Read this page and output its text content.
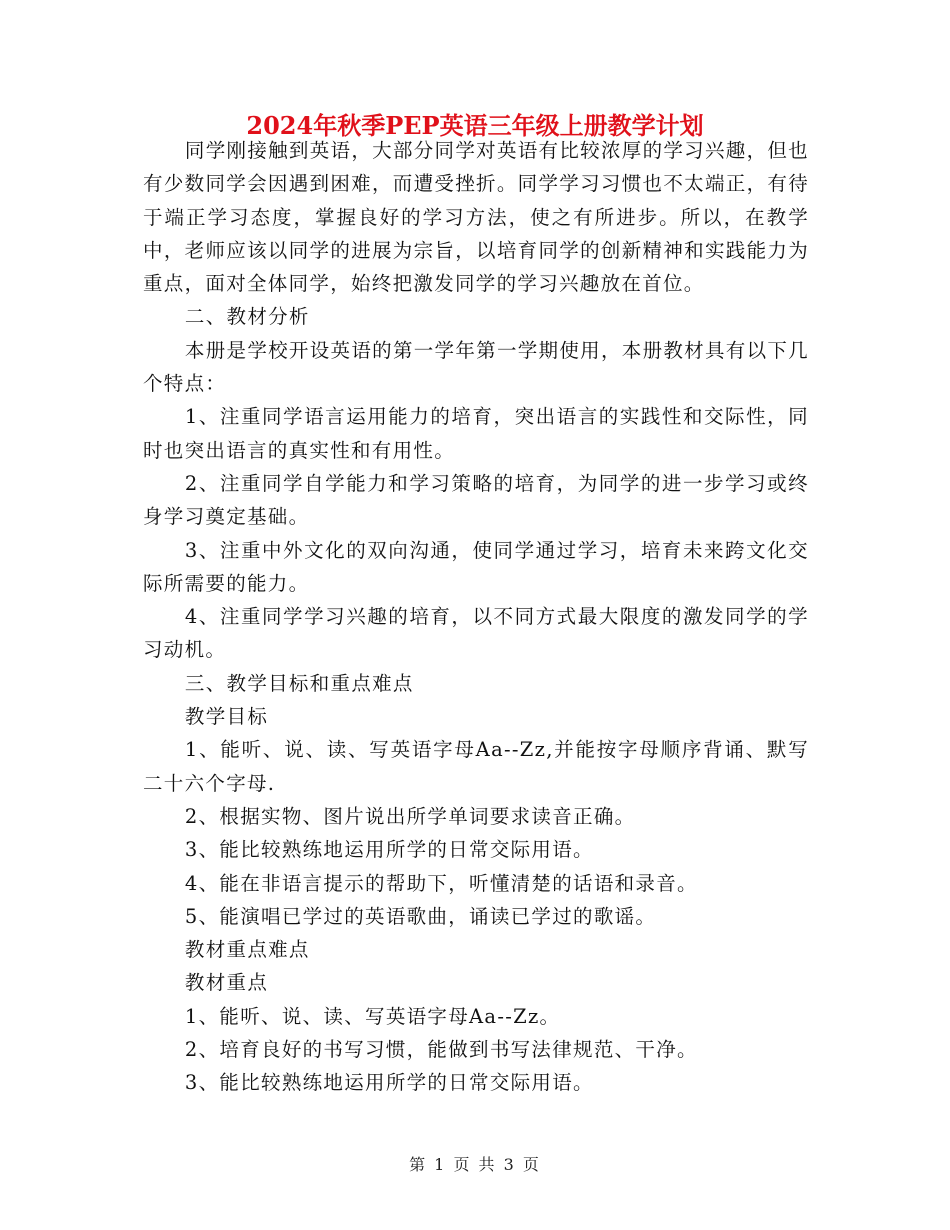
2024年秋季PEP英语三年级上册教学计划

同学刚接触到英语，大部分同学对英语有比较浓厚的学习兴趣，但也有少数同学会因遇到困难，而遭受挫折。同学学习习惯也不太端正，有待于端正学习态度，掌握良好的学习方法，使之有所进步。所以，在教学中，老师应该以同学的进展为宗旨，以培育同学的创新精神和实践能力为重点，面对全体同学，始终把激发同学的学习兴趣放在首位。

二、教材分析

本册是学校开设英语的第一学年第一学期使用，本册教材具有以下几个特点：

1、注重同学语言运用能力的培育，突出语言的实践性和交际性，同时也突出语言的真实性和有用性。

2、注重同学自学能力和学习策略的培育，为同学的进一步学习或终身学习奠定基础。

3、注重中外文化的双向沟通，使同学通过学习，培育未来跨文化交际所需要的能力。

4、注重同学学习兴趣的培育，以不同方式最大限度的激发同学的学习动机。

三、教学目标和重点难点

教学目标

1、能听、说、读、写英语字母Aa--Zz,并能按字母顺序背诵、默写二十六个字母.

2、根据实物、图片说出所学单词要求读音正确。

3、能比较熟练地运用所学的日常交际用语。

4、能在非语言提示的帮助下，听懂清楚的话语和录音。

5、能演唱已学过的英语歌曲，诵读已学过的歌谣。

教材重点难点

教材重点

1、能听、说、读、写英语字母Aa--Zz。

2、培育良好的书写习惯，能做到书写法律规范、干净。

3、能比较熟练地运用所学的日常交际用语。

第 1 页 共 3 页
